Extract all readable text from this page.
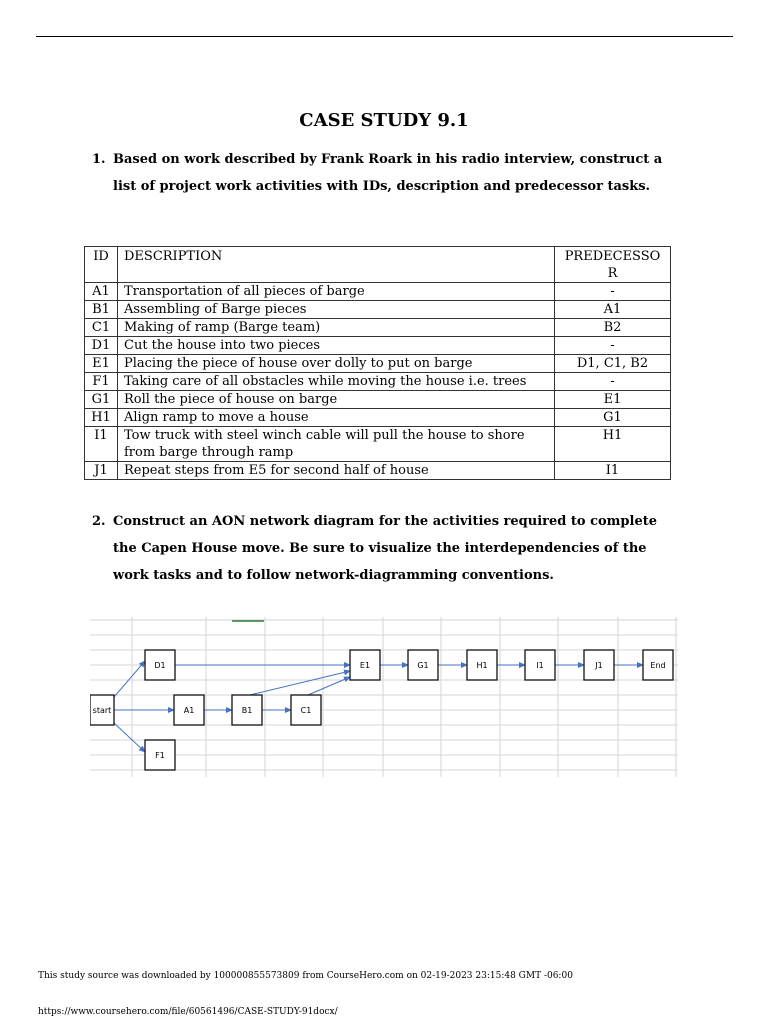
CASE STUDY 9.1
1. Based on work described by Frank Roark in his radio interview, construct a list of project work activities with IDs, description and predecessor tasks.
ID	DESCRIPTION	PREDECESSO R
A1	Transportation of all pieces of barge	-
B1	Assembling of Barge pieces	A1
C1	Making of ramp (Barge team)	B2
D1	Cut the house into two pieces	-
E1	Placing the piece of house over dolly to put on barge	D1, C1, B2
F1	Taking care of all obstacles while moving the house i.e. trees	-
G1	Roll the piece of house on barge	E1
H1	Align ramp to move a house	G1
I1	Tow truck with steel winch cable will pull the house to shore from barge through ramp	H1
J1	Repeat steps from E5 for second half of house	I1
2. Construct an AON network diagram for the activities required to complete the Capen House move. Be sure to visualize the interdependencies of the work tasks and to follow network-diagramming conventions.
start
D1
A1	B1	C1
F1
E1	G1	H1	I1	J1	End
This study source was downloaded by 100000855573809 from CourseHero.com on 02-19-2023 23:15:48 GMT -06:00
https://www.coursehero.com/file/60561496/CASE-STUDY-91docx/
